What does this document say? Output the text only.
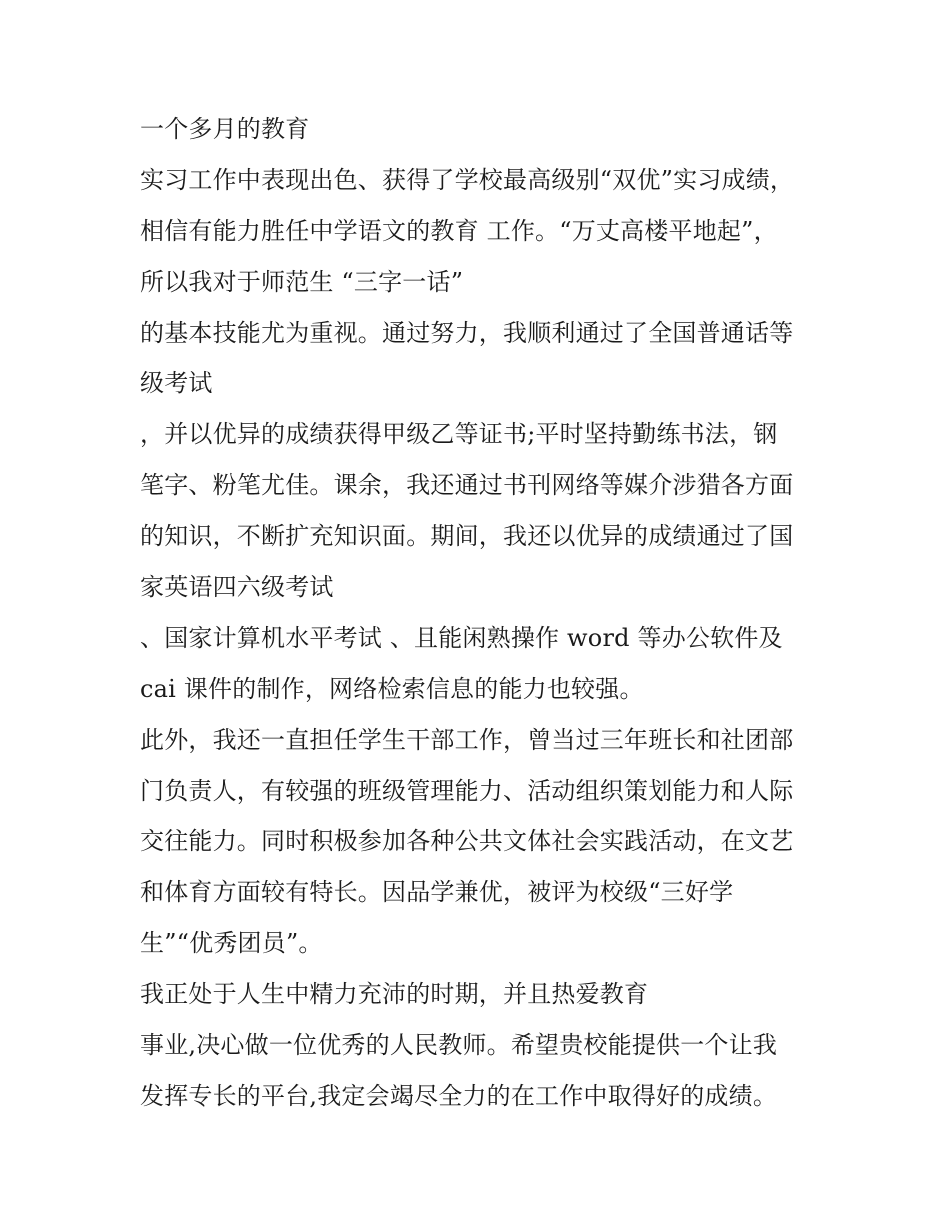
一个多月的教育
实习工作中表现出色、获得了学校最高级别“双优”实习成绩，
相信有能力胜任中学语文的教育 工作。“万丈高楼平地起”，
所以我对于师范生 “三字一话”
的基本技能尤为重视。通过努力，我顺利通过了全国普通话等
级考试
，并以优异的成绩获得甲级乙等证书;平时坚持勤练书法，钢
笔字、粉笔尤佳。课余，我还通过书刊网络等媒介涉猎各方面
的知识，不断扩充知识面。期间，我还以优异的成绩通过了国
家英语四六级考试
、国家计算机水平考试 、且能闲熟操作 word 等办公软件及
cai 课件的制作，网络检索信息的能力也较强。
此外，我还一直担任学生干部工作，曾当过三年班长和社团部
门负责人，有较强的班级管理能力、活动组织策划能力和人际
交往能力。同时积极参加各种公共文体社会实践活动，在文艺
和体育方面较有特长。因品学兼优，被评为校级“三好学
生”“优秀团员”。
我正处于人生中精力充沛的时期，并且热爱教育
事业,决心做一位优秀的人民教师。希望贵校能提供一个让我
发挥专长的平台,我定会竭尽全力的在工作中取得好的成绩。
